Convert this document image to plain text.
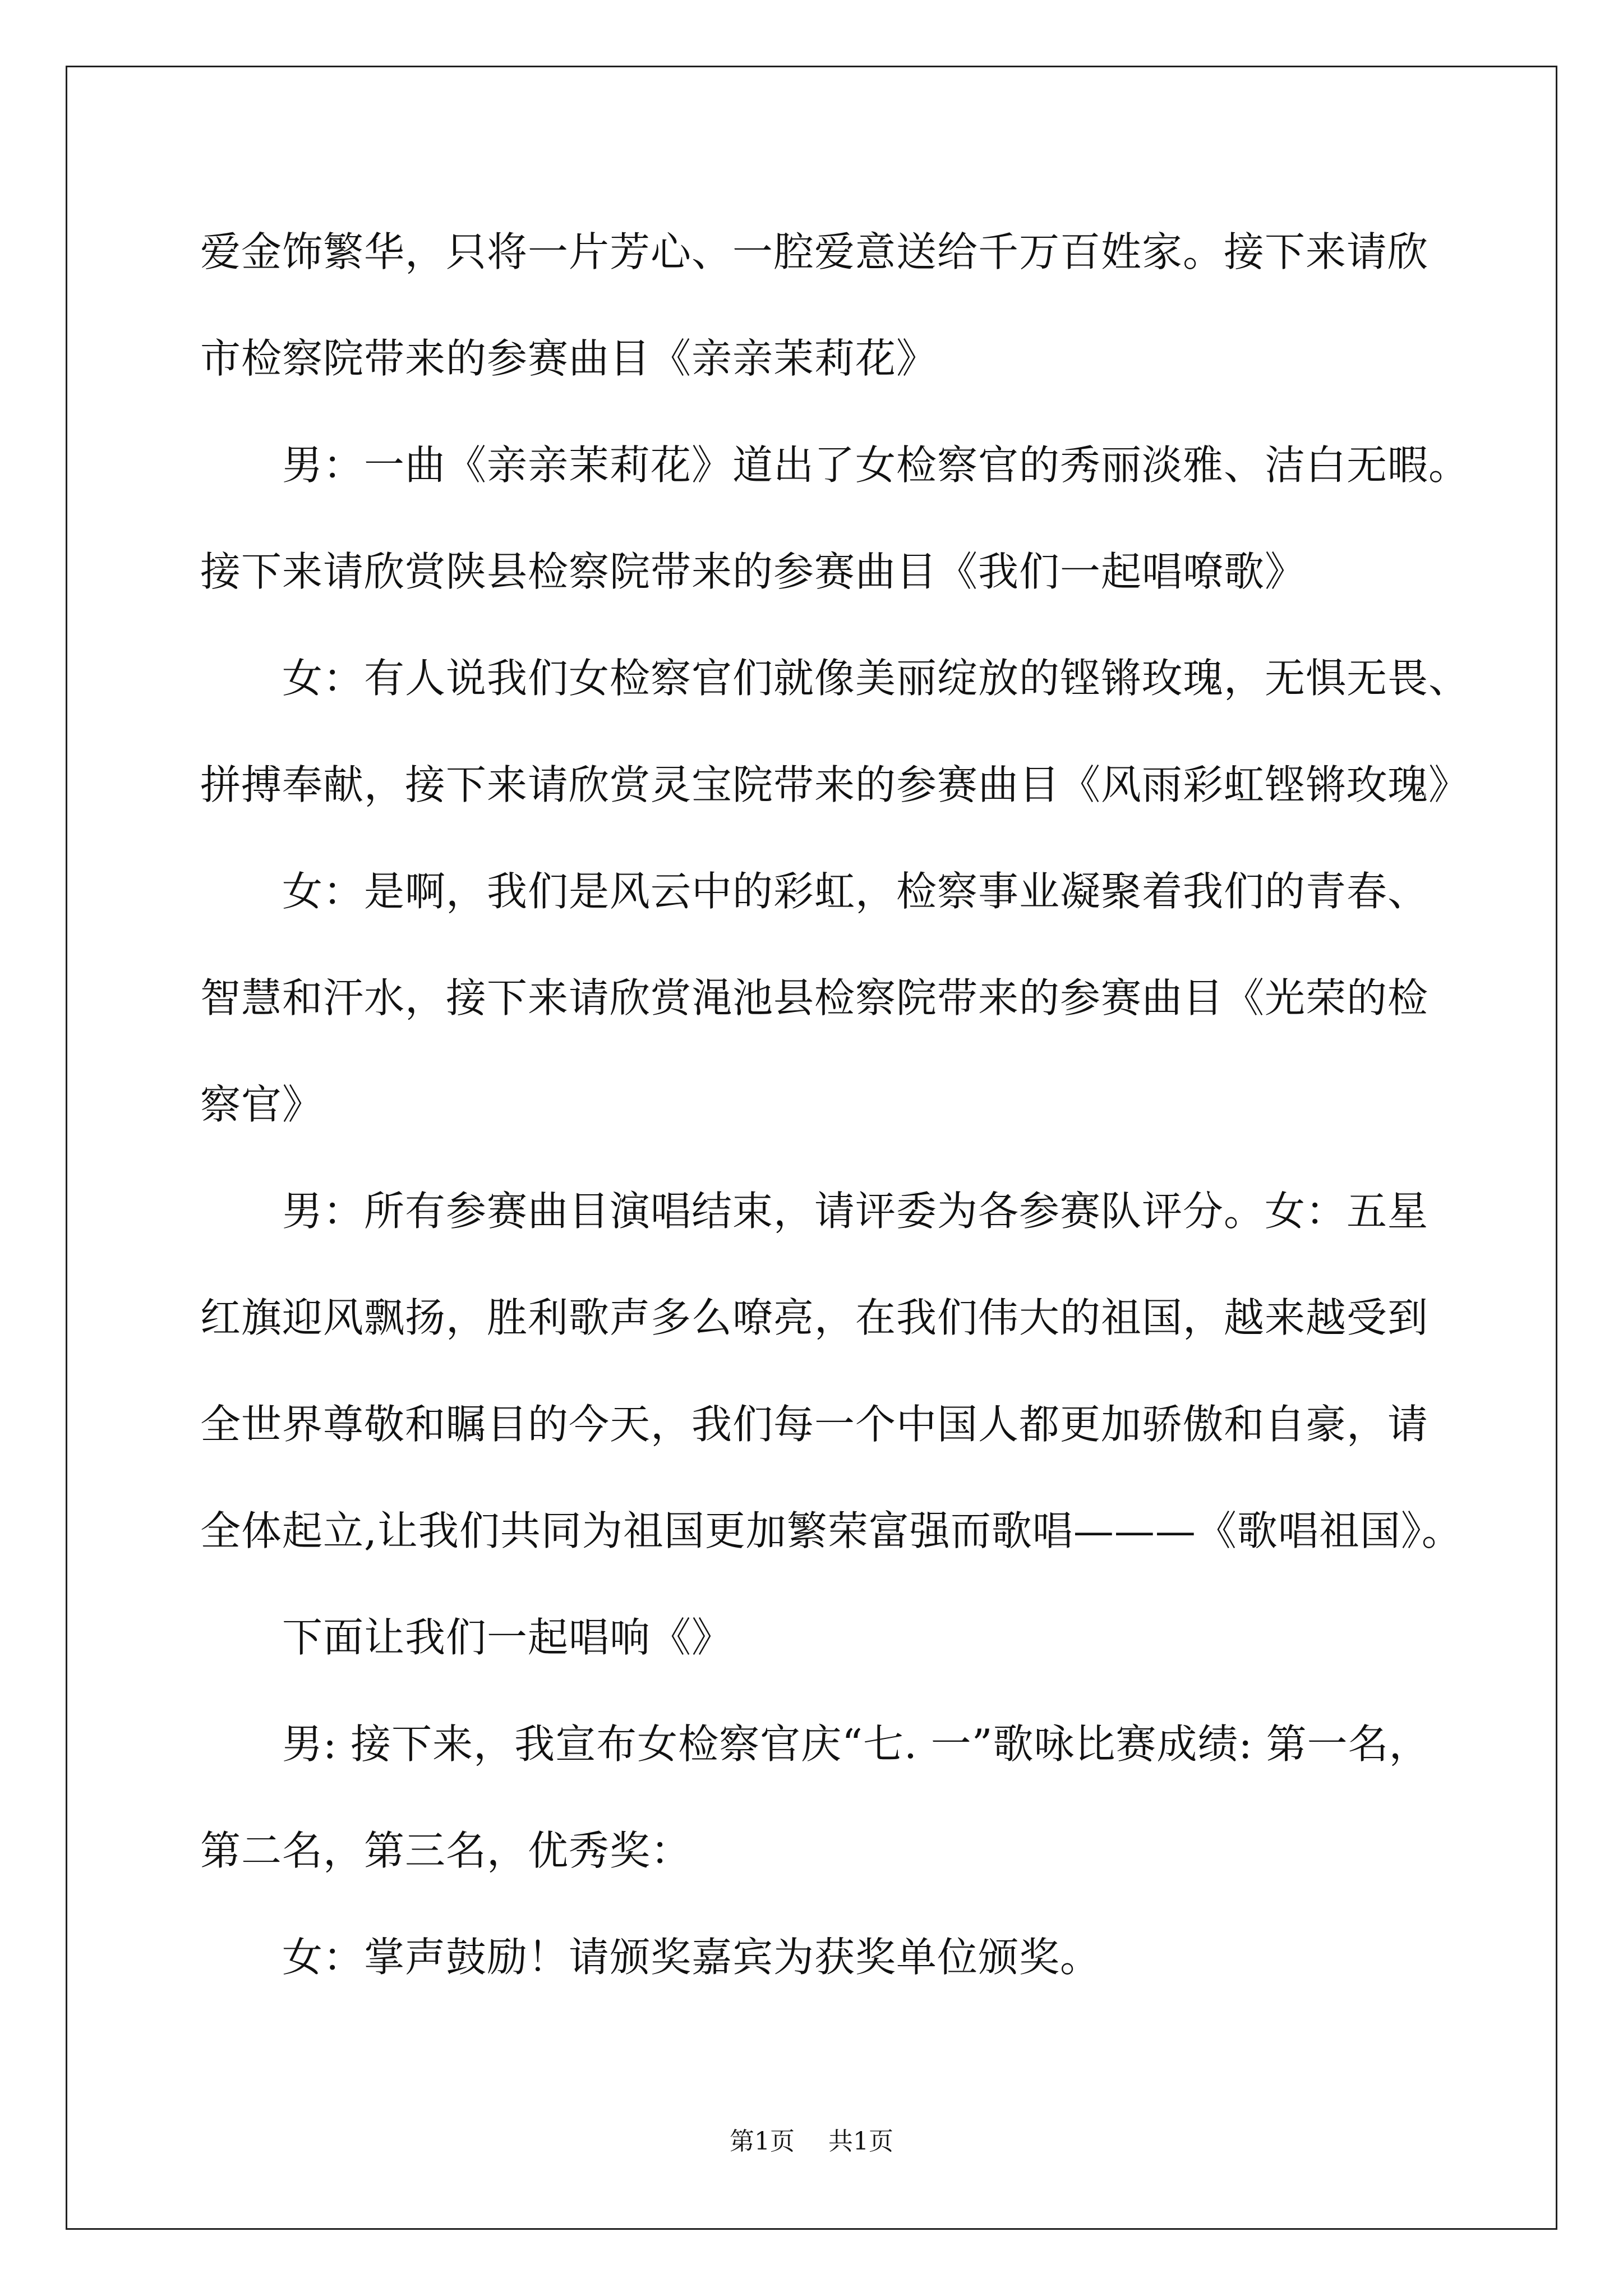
爱金饰繁华，只将一片芳心、一腔爱意送给千万百姓家。接下来请欣
市检察院带来的参赛曲目《亲亲茉莉花》
男：一曲《亲亲茉莉花》道出了女检察官的秀丽淡雅、洁白无暇。
接下来请欣赏陕县检察院带来的参赛曲目《我们一起唱嘹歌》
女：有人说我们女检察官们就像美丽绽放的铿锵玫瑰，无惧无畏、
拼搏奉献，接下来请欣赏灵宝院带来的参赛曲目《风雨彩虹铿锵玫瑰》
女：是啊，我们是风云中的彩虹，检察事业凝聚着我们的青春、
智慧和汗水，接下来请欣赏渑池县检察院带来的参赛曲目《光荣的检
察官》
男：所有参赛曲目演唱结束，请评委为各参赛队评分。女：五星
红旗迎风飘扬，胜利歌声多么嘹亮，在我们伟大的祖国，越来越受到
全世界尊敬和瞩目的今天，我们每一个中国人都更加骄傲和自豪，请
全体起立,让我们共同为祖国更加繁荣富强而歌唱———《歌唱祖国》。
下面让我们一起唱响《》
男: 接下来，我宣布女检察官庆“七. 一”歌咏比赛成绩: 第一名，
第二名，第三名，优秀奖：
女：掌声鼓励！请颁奖嘉宾为获奖单位颁奖。
第1页 共1页
